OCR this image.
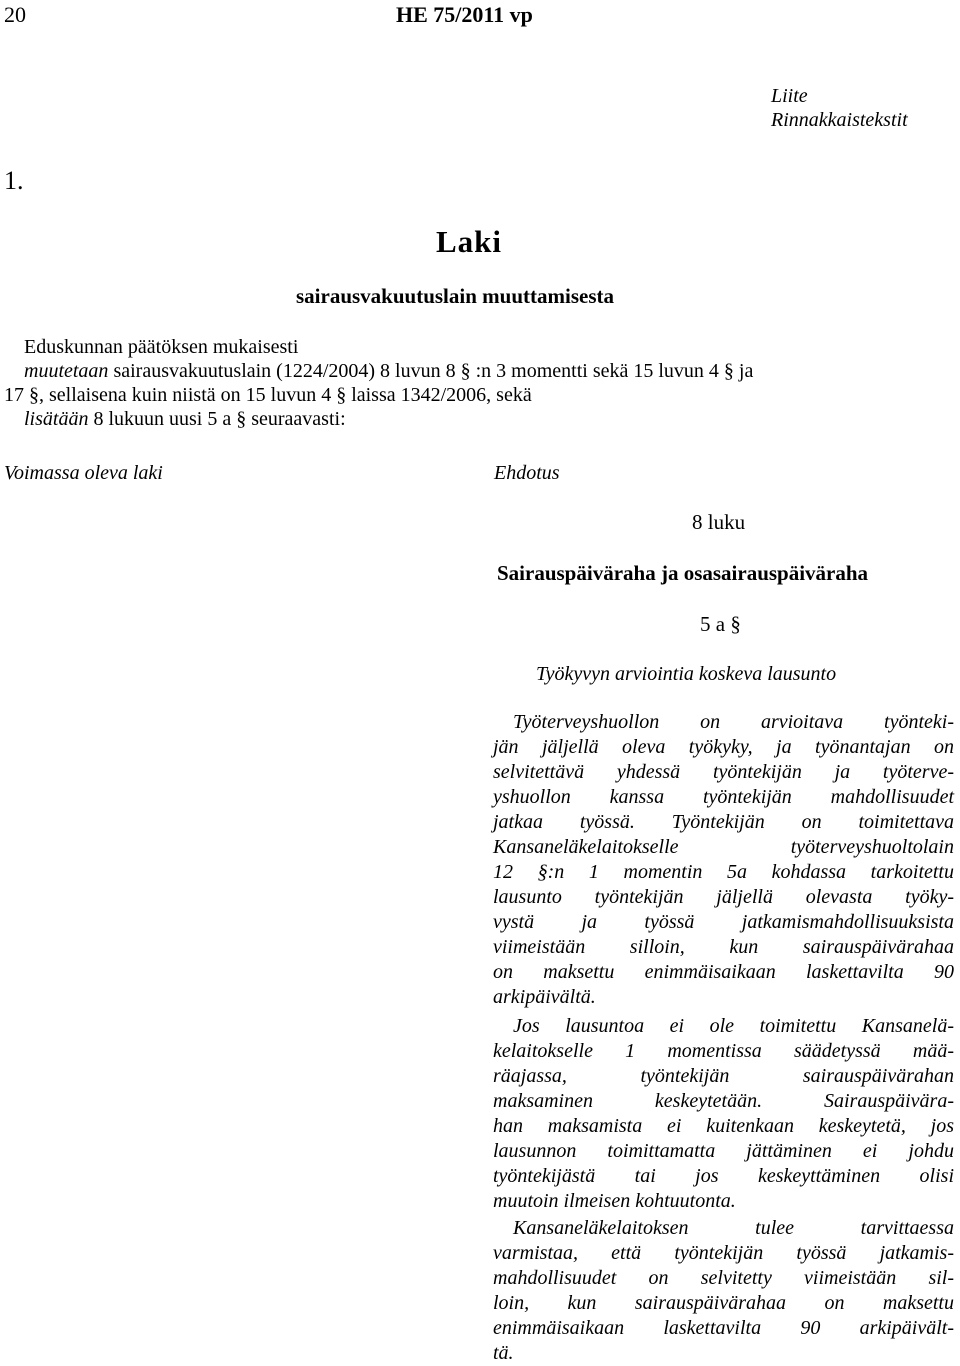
20	HE 75/2011 vp
Liite
Rinnakkaistekstit
1.
Laki
sairausvakuutuslain muuttamisesta
Eduskunnan päätöksen mukaisesti
muutetaan sairausvakuutuslain (1224/2004) 8 luvun 8 § :n 3 momentti sekä 15 luvun 4 § ja
17 §, sellaisena kuin niistä on 15 luvun 4 § laissa 1342/2006, sekä
lisätään 8 lukuun uusi 5 a § seuraavasti:
Voimassa oleva laki	Ehdotus
8 luku
Sairauspäiväraha ja osasairauspäiväraha
5 a §
Työkyvyn arviointia koskeva lausunto
Työterveyshuollon on arvioitava työnteki-
jän jäljellä oleva työkyky, ja työnantajan on
selvitettävä yhdessä työntekijän ja työterve-
yshuollon kanssa työntekijän mahdollisuudet
jatkaa työssä. Työntekijän on toimitettava
Kansaneläkelaitokselle työterveyshuoltolain
12 §:n 1 momentin 5a kohdassa tarkoitettu
lausunto työntekijän jäljellä olevasta työky-
vystä ja työssä jatkamismahdollisuuksista
viimeistään silloin, kun sairauspäivärahaa
on maksettu enimmäisaikaan laskettavilta 90
arkipäivältä.
Jos lausuntoa ei ole toimitettu Kansanelä-
kelaitokselle 1 momentissa säädetyssä mää-
räajassa, työntekijän sairauspäivärahan
maksaminen keskeytetään. Sairauspäivära-
han maksamista ei kuitenkaan keskeytetä, jos
lausunnon toimittamatta jättäminen ei johdu
työntekijästä tai jos keskeyttäminen olisi
muutoin ilmeisen kohtuutonta.
Kansaneläkelaitoksen tulee tarvittaessa
varmistaa, että työntekijän työssä jatkamis-
mahdollisuudet on selvitetty viimeistään sil-
loin, kun sairauspäivärahaa on maksettu
enimmäisaikaan laskettavilta 90 arkipäivält-
tä.
